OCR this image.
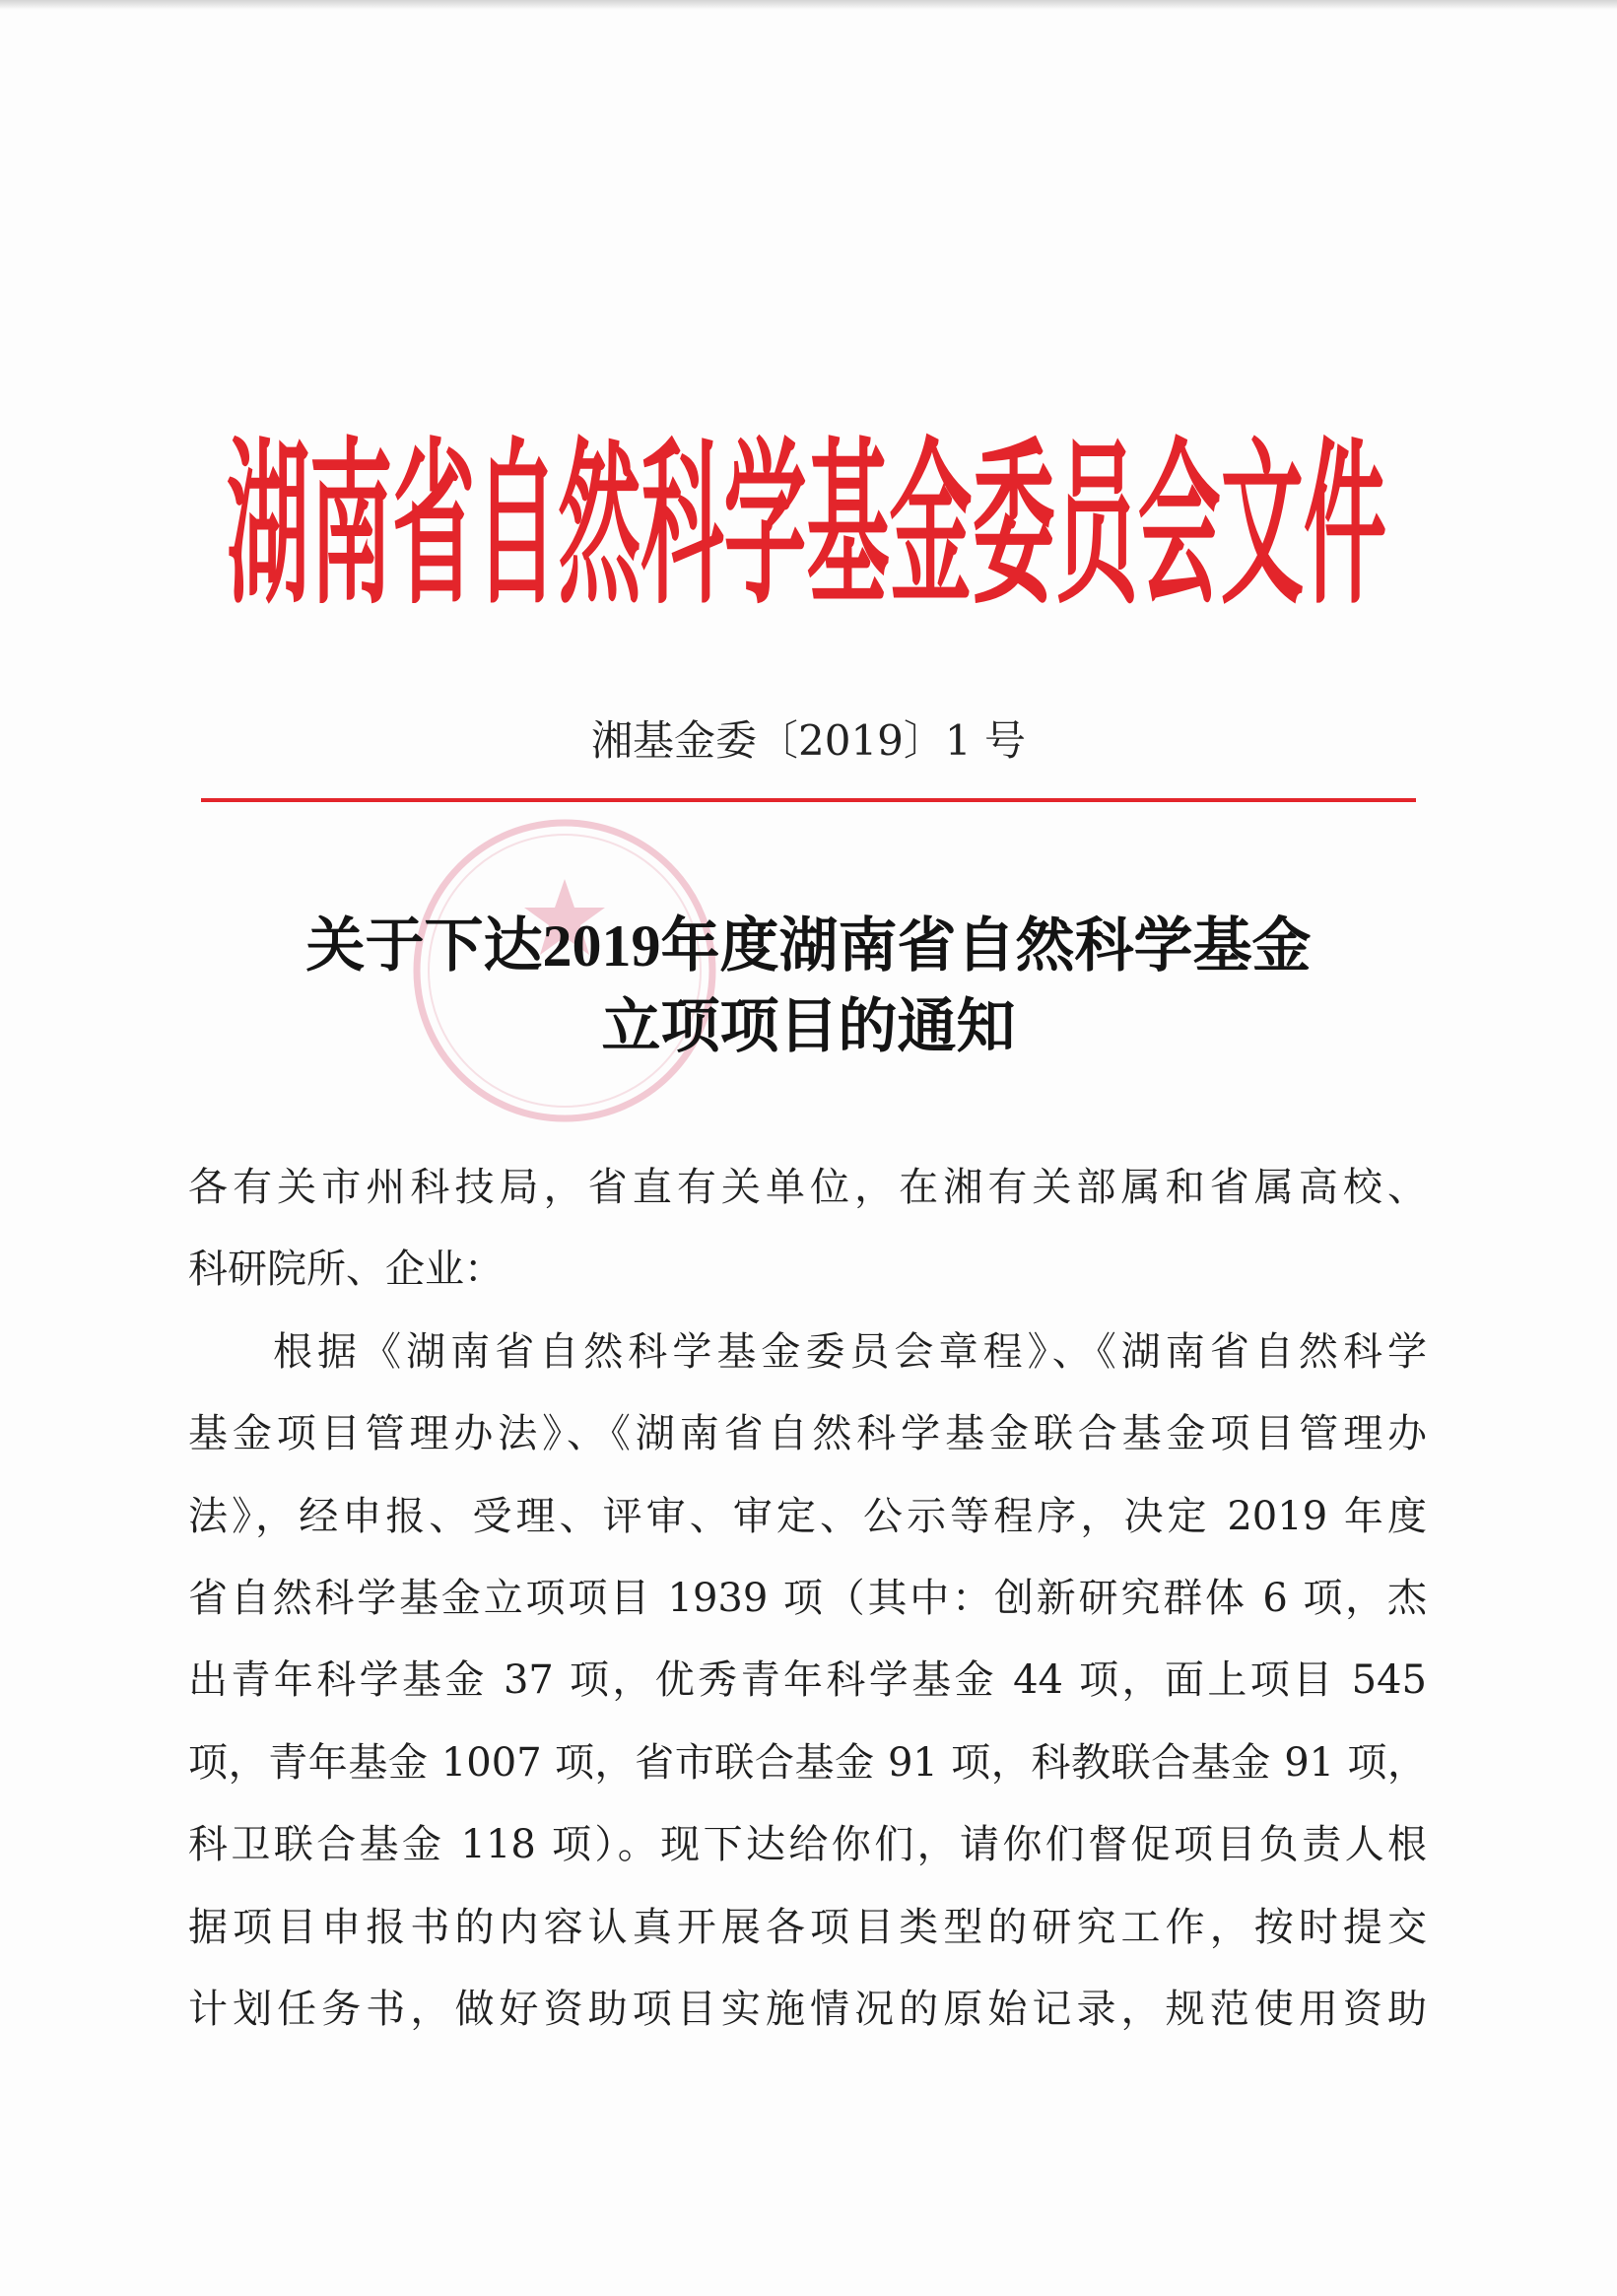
湖南省自然科学基金委员会文件
湘基金委〔2019〕1 号
关于下达2019年度湖南省自然科学基金
立项项目的通知
各有关市州科技局，省直有关单位，在湘有关部属和省属高校、
科研院所、企业：
根据《湖南省自然科学基金委员会章程》、《湖南省自然科学
基金项目管理办法》、《湖南省自然科学基金联合基金项目管理办
法》，经申报、受理、评审、审定、公示等程序，决定 2019 年度
省自然科学基金立项项目 1939 项（其中：创新研究群体 6 项，杰
出青年科学基金 37 项，优秀青年科学基金 44 项，面上项目 545
项，青年基金 1007 项，省市联合基金 91 项，科教联合基金 91 项，
科卫联合基金 118 项）。现下达给你们，请你们督促项目负责人根
据项目申报书的内容认真开展各项目类型的研究工作，按时提交
计划任务书，做好资助项目实施情况的原始记录，规范使用资助
